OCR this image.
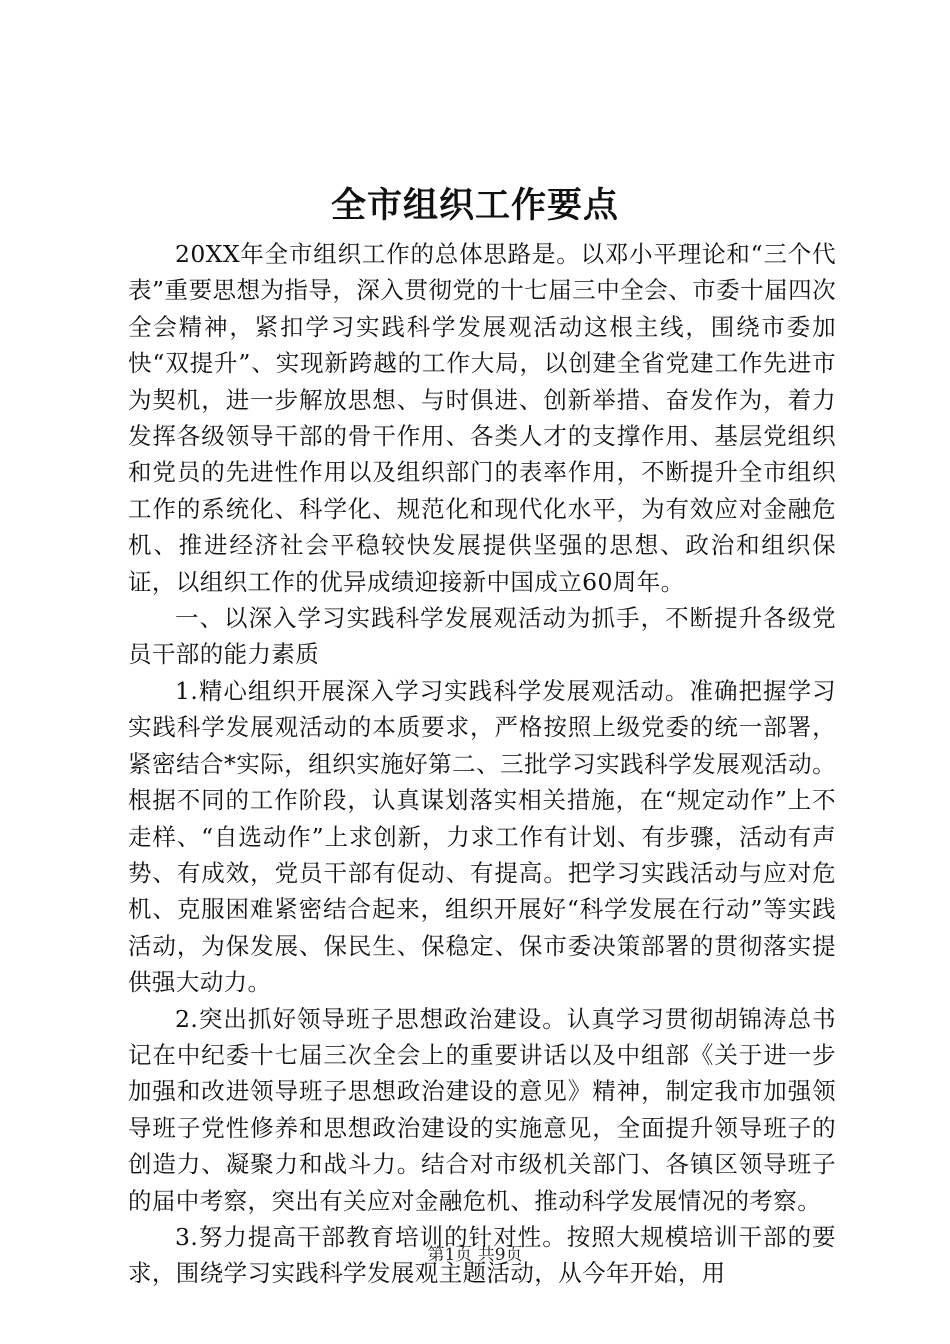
全市组织工作要点

20XX年全市组织工作的总体思路是。以邓小平理论和“三个代表”重要思想为指导，深入贯彻党的十七届三中全会、市委十届四次全会精神，紧扣学习实践科学发展观活动这根主线，围绕市委加快“双提升”、实现新跨越的工作大局，以创建全省党建工作先进市为契机，进一步解放思想、与时俱进、创新举措、奋发作为，着力发挥各级领导干部的骨干作用、各类人才的支撑作用、基层党组织和党员的先进性作用以及组织部门的表率作用，不断提升全市组织工作的系统化、科学化、规范化和现代化水平，为有效应对金融危机、推进经济社会平稳较快发展提供坚强的思想、政治和组织保证，以组织工作的优异成绩迎接新中国成立60周年。

一、以深入学习实践科学发展观活动为抓手，不断提升各级党员干部的能力素质

1.精心组织开展深入学习实践科学发展观活动。准确把握学习实践科学发展观活动的本质要求，严格按照上级党委的统一部署，紧密结合*实际，组织实施好第二、三批学习实践科学发展观活动。根据不同的工作阶段，认真谋划落实相关措施，在“规定动作”上不走样、“自选动作”上求创新，力求工作有计划、有步骤，活动有声势、有成效，党员干部有促动、有提高。把学习实践活动与应对危机、克服困难紧密结合起来，组织开展好“科学发展在行动”等实践活动，为保发展、保民生、保稳定、保市委决策部署的贯彻落实提供强大动力。

2.突出抓好领导班子思想政治建设。认真学习贯彻胡锦涛总书记在中纪委十七届三次全会上的重要讲话以及中组部《关于进一步加强和改进领导班子思想政治建设的意见》精神，制定我市加强领导班子党性修养和思想政治建设的实施意见，全面提升领导班子的创造力、凝聚力和战斗力。结合对市级机关部门、各镇区领导班子的届中考察，突出有关应对金融危机、推动科学发展情况的考察。

3.努力提高干部教育培训的针对性。按照大规模培训干部的要求，围绕学习实践科学发展观主题活动，从今年开始，用

第1页 共9页
